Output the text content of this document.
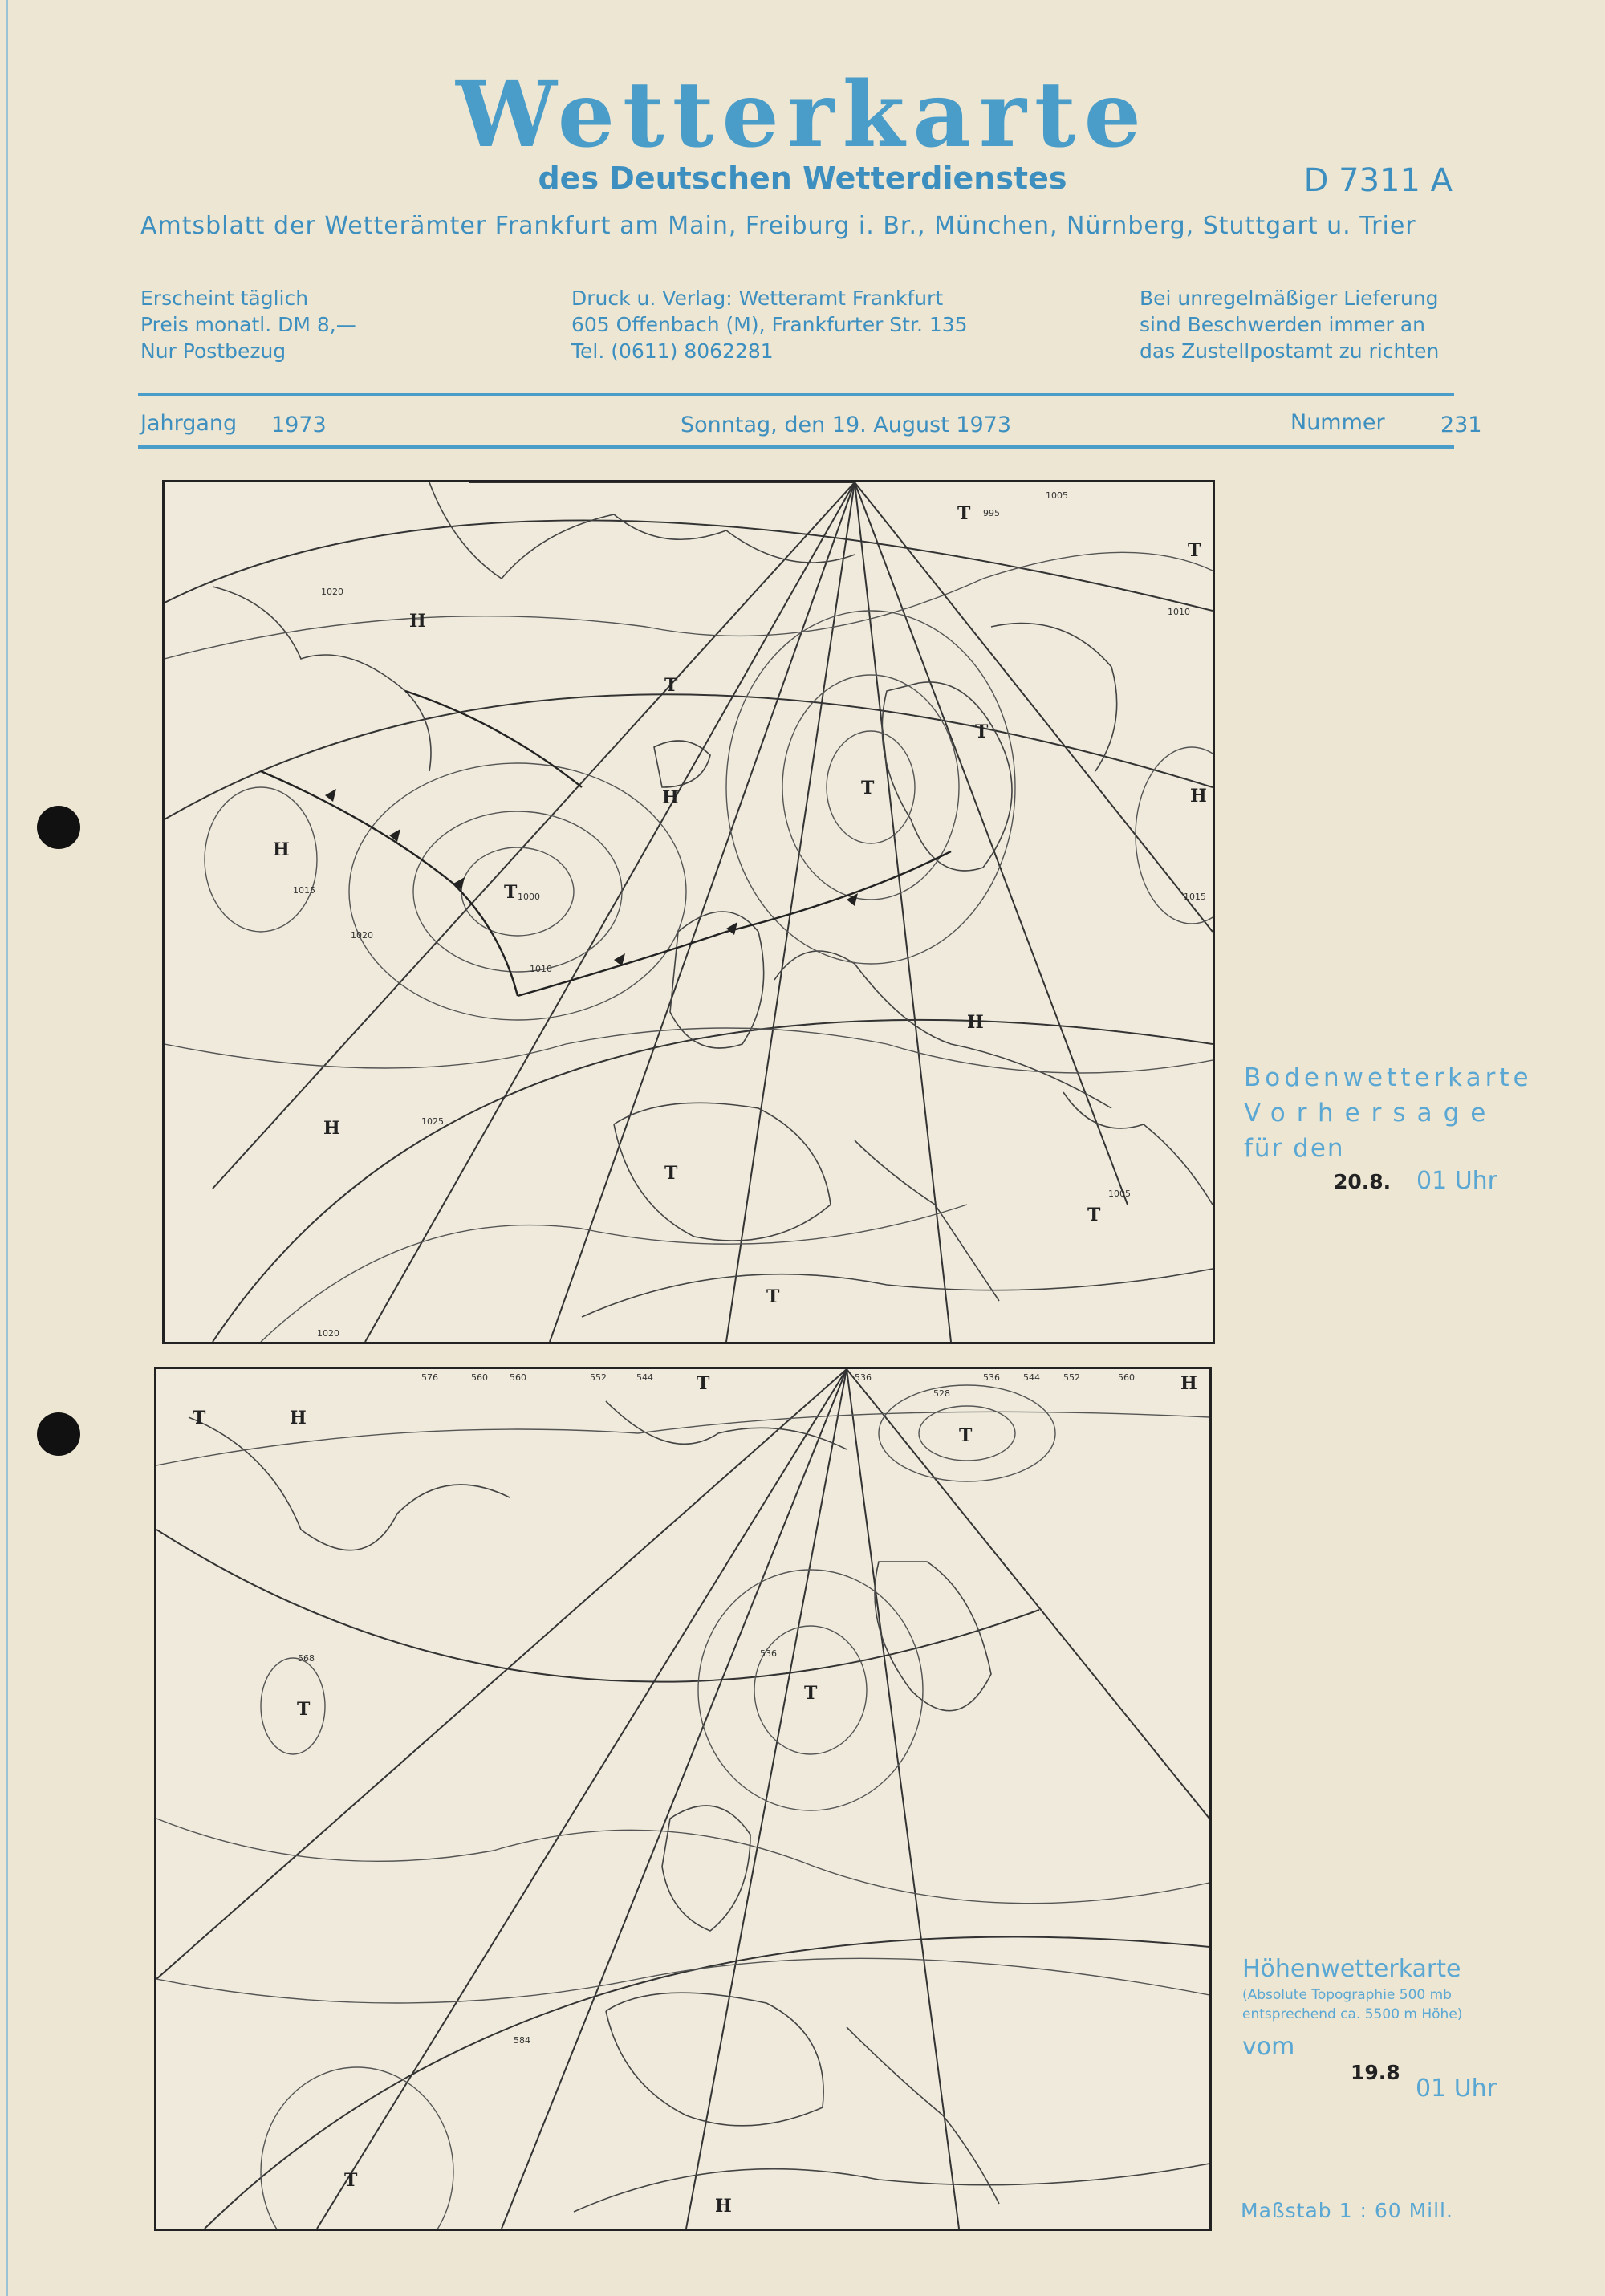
Wetterkarte
des Deutschen Wetterdienstes	D 7311 A
Amtsblatt der Wetterämter Frankfurt am Main, Freiburg i. Br., München, Nürnberg, Stuttgart u. Trier
Erscheint täglich
Preis monatl. DM 8,—
Nur Postbezug
Druck u. Verlag: Wetteramt Frankfurt
605 Offenbach (M), Frankfurter Str. 135
Tel. (0611) 8062281
Bei unregelmäßiger Lieferung
sind Beschwerden immer an
das Zustellpostamt zu richten
Jahrgang 1973	Sonntag, den 19. August 1973	Nummer	231
H
H
H	H
H
H
T
T
T
T
T
T
T
T
T
1020
1015
1010
1005
1000
995
1025
1020
1005
1010
1020
1015
Bodenwetterkarte
Vorhersage
für den
20.8. 01 Uhr
T
T
T
T
T
T
H
H
H
576	560 560	552	544	536
528
536	544	552	560
536
584
568
Höhenwetterkarte
(Absolute Topographie 500 mb
entsprechend ca. 5500 m Höhe)
vom
19.8
01 Uhr
Maßstab 1 : 60 Mill.
